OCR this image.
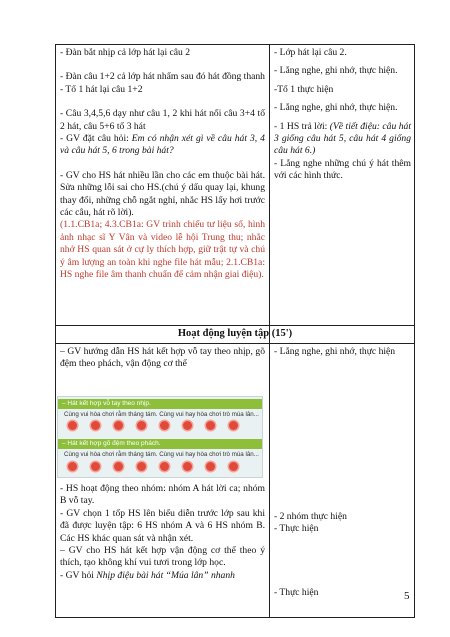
- Đàn bắt nhịp cả lớp hát lại câu 2

- Đàn câu 1+2 cả lớp hát nhẩm sau đó hát đồng thanh

- Tổ 1 hát lại câu 1+2

- Câu 3,4,5,6 dạy như câu 1, 2 khi hát nối câu 3+4 tổ 2 hát, câu 5+6 tổ 3 hát

- GV đặt câu hỏi: Em có nhận xét gì về câu hát 3, 4 và câu hát 5, 6 trong bài hát?

- GV cho HS hát nhiều lần cho các em thuộc bài hát. Sửa những lỗi sai cho HS.(chú ý dấu quay lại, khung thay đổi, những chỗ ngắt nghỉ, nhắc HS lấy hơi trước các câu, hát rõ lời).

(1.1.CB1a; 4.3.CB1a: GV trình chiếu tư liệu số, hình ảnh nhạc sĩ Y Vân và video lễ hội Trung thu; nhắc nhở HS quan sát ở cự ly thích hợp, giữ trật tự và chú ý âm lượng an toàn khi nghe file hát mẫu; 2.1.CB1a: HS nghe file âm thanh chuẩn để cảm nhận giai điệu).

- Lớp hát lại câu 2.

- Lắng nghe, ghi nhớ, thực hiện.

-Tổ 1 thực hiện

- Lắng nghe, ghi nhớ, thực hiện.

- 1 HS trả lời: (Về tiết điệu: câu hát 3 giống câu hát 5, câu hát 4 giống câu hát 6.)

- Lắng nghe những chú ý hát thêm với các hình thức.

Hoạt động luyện tập (15')

– GV hướng dẫn HS hát kết hợp vỗ tay theo nhịp, gõ đệm theo phách, vận động cơ thể

- HS hoạt động theo nhóm: nhóm A hát lời ca; nhóm B vỗ tay.

- GV chọn 1 tốp HS lên biểu diễn trước lớp sau khi đã được luyện tập: 6 HS nhóm A và 6 HS nhóm B. Các HS khác quan sát và nhận xét.

– GV cho HS hát kết hợp vận động cơ thể theo ý thích, tạo không khí vui tươi trong lớp học.

- GV hỏi Nhịp điệu bài hát “Múa lân” nhanh

- Lắng nghe, ghi nhớ, thực hiện

- 2 nhóm thực hiện

- Thực hiện

- Thực hiện

– Hát kết hợp vỗ tay theo nhịp.
Cùng vui hòa chơi rằm tháng tám. Cùng vui hay hòa chơi trò múa lân...
– Hát kết hợp gõ đệm theo phách.
Cùng vui hòa chơi rằm tháng tám. Cùng vui hay hòa chơi trò múa lân...
5
